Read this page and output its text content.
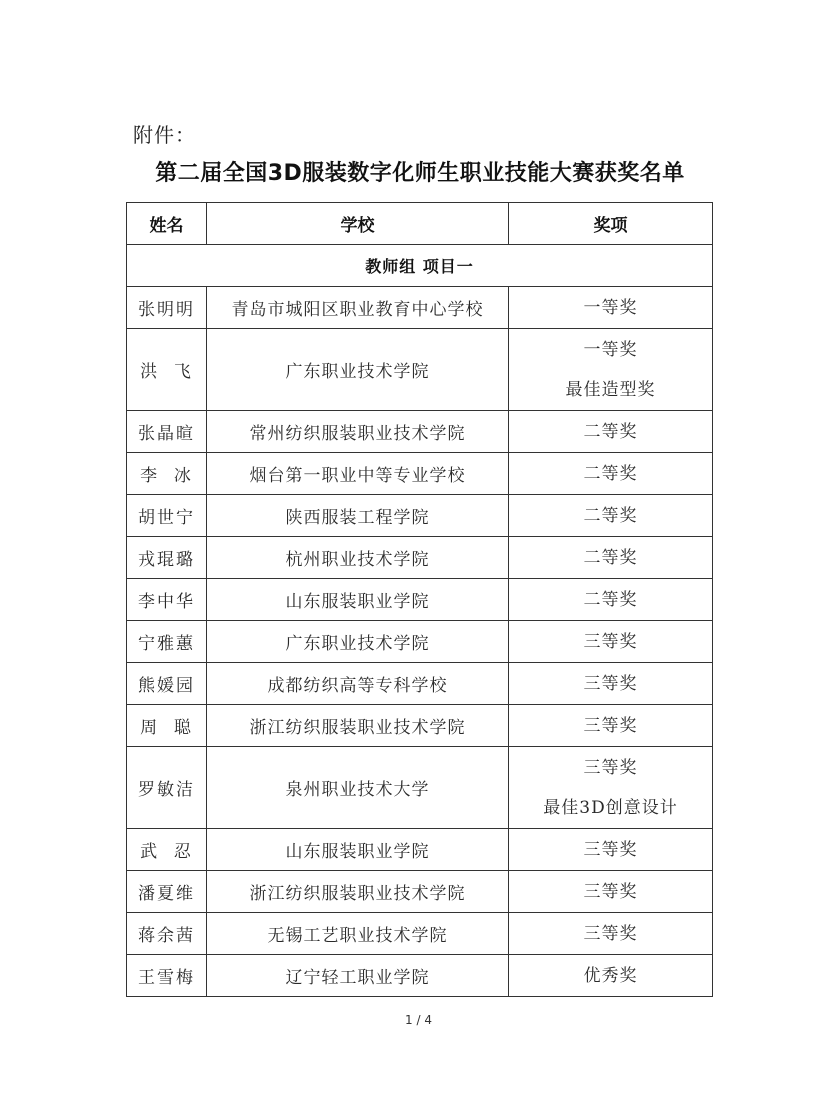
附件：
第二届全国3D服装数字化师生职业技能大赛获奖名单
姓名	学校	奖项
教师组 项目一		
张明明	青岛市城阳区职业教育中心学校	一等奖

洪  飞	广东职业技术学院	一等奖
最佳造型奖

张晶暄	常州纺织服装职业技术学院	二等奖

李  冰	烟台第一职业中等专业学校	二等奖

胡世宁	陕西服装工程学院	二等奖

戎琨璐	杭州职业技术学院	二等奖

李中华	山东服装职业学院	二等奖

宁雅蕙	广东职业技术学院	三等奖

熊媛园	成都纺织高等专科学校	三等奖

周  聪	浙江纺织服装职业技术学院	三等奖

罗敏洁	泉州职业技术大学	三等奖
最佳3D创意设计

武  忍	山东服装职业学院	三等奖

潘夏维	浙江纺织服装职业技术学院	三等奖

蒋余茜	无锡工艺职业技术学院	三等奖

王雪梅	辽宁轻工职业学院	优秀奖
1 / 4
